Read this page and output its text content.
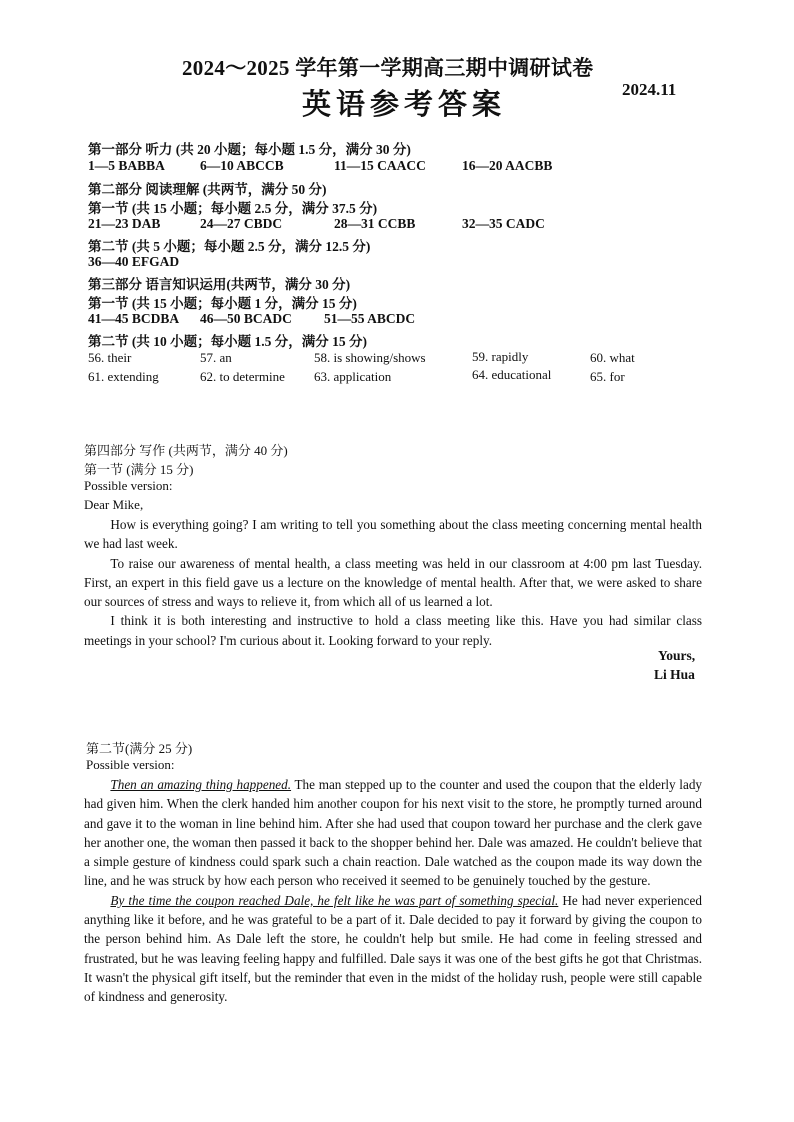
2024～2025 学年第一学期高三期中调研试卷
英语参考答案	2024.11
第一部分 听力 (共 20 小题；每小题 1.5 分，满分 30 分)
1—5 BABBA	6—10 ABCCB	11—15 CAACC	16—20 AACBB
第二部分 阅读理解 (共两节，满分 50 分)
第一节 (共 15 小题；每小题 2.5 分，满分 37.5 分)
21—23 DAB	24—27 CBDC	28—31 CCBB	32—35 CADC
第二节 (共 5 小题；每小题 2.5 分，满分 12.5 分)
36—40 EFGAD
第三部分 语言知识运用(共两节，满分 30 分)
第一节 (共 15 小题；每小题 1 分，满分 15 分)
41—45 BCDBA 46—50 BCADC 51—55 ABCDC
第二节 (共 10 小题；每小题 1.5 分，满分 15 分)
56. their	57. an	58. is showing/shows	59. rapidly	60. what
61. extending	62. to determine 63. application	64. educational	65. for
第四部分 写作 (共两节，满分 40 分)
第一节 (满分 15 分)
Possible version:
Dear Mike,

How is everything going? I am writing to tell you something about the class meeting concerning mental health we had last week.

To raise our awareness of mental health, a class meeting was held in our classroom at 4:00 pm last Tuesday. First, an expert in this field gave us a lecture on the knowledge of mental health. After that, we were asked to share our sources of stress and ways to relieve it, from which all of us learned a lot.

I think it is both interesting and instructive to hold a class meeting like this. Have you had similar class meetings in your school? I'm curious about it. Looking forward to your reply.

Yours,
Li Hua
第二节(满分 25 分)
Possible version:

Then an amazing thing happened. The man stepped up to the counter and used the coupon that the elderly lady had given him. When the clerk handed him another coupon for his next visit to the store, he promptly turned around and gave it to the woman in line behind him. After she had used that coupon toward her purchase and the clerk gave her another one, the woman then passed it back to the shopper behind her. Dale was amazed. He couldn't believe that a simple gesture of kindness could spark such a chain reaction. Dale watched as the coupon made its way down the line, and he was struck by how each person who received it seemed to be genuinely touched by the gesture.

By the time the coupon reached Dale, he felt like he was part of something special. He had never experienced anything like it before, and he was grateful to be a part of it. Dale decided to pay it forward by giving the coupon to the person behind him. As Dale left the store, he couldn't help but smile. He had come in feeling stressed and frustrated, but he was leaving feeling happy and fulfilled. Dale says it was one of the best gifts he got that Christmas. It wasn't the physical gift itself, but the reminder that even in the midst of the holiday rush, people were still capable of kindness and generosity.
